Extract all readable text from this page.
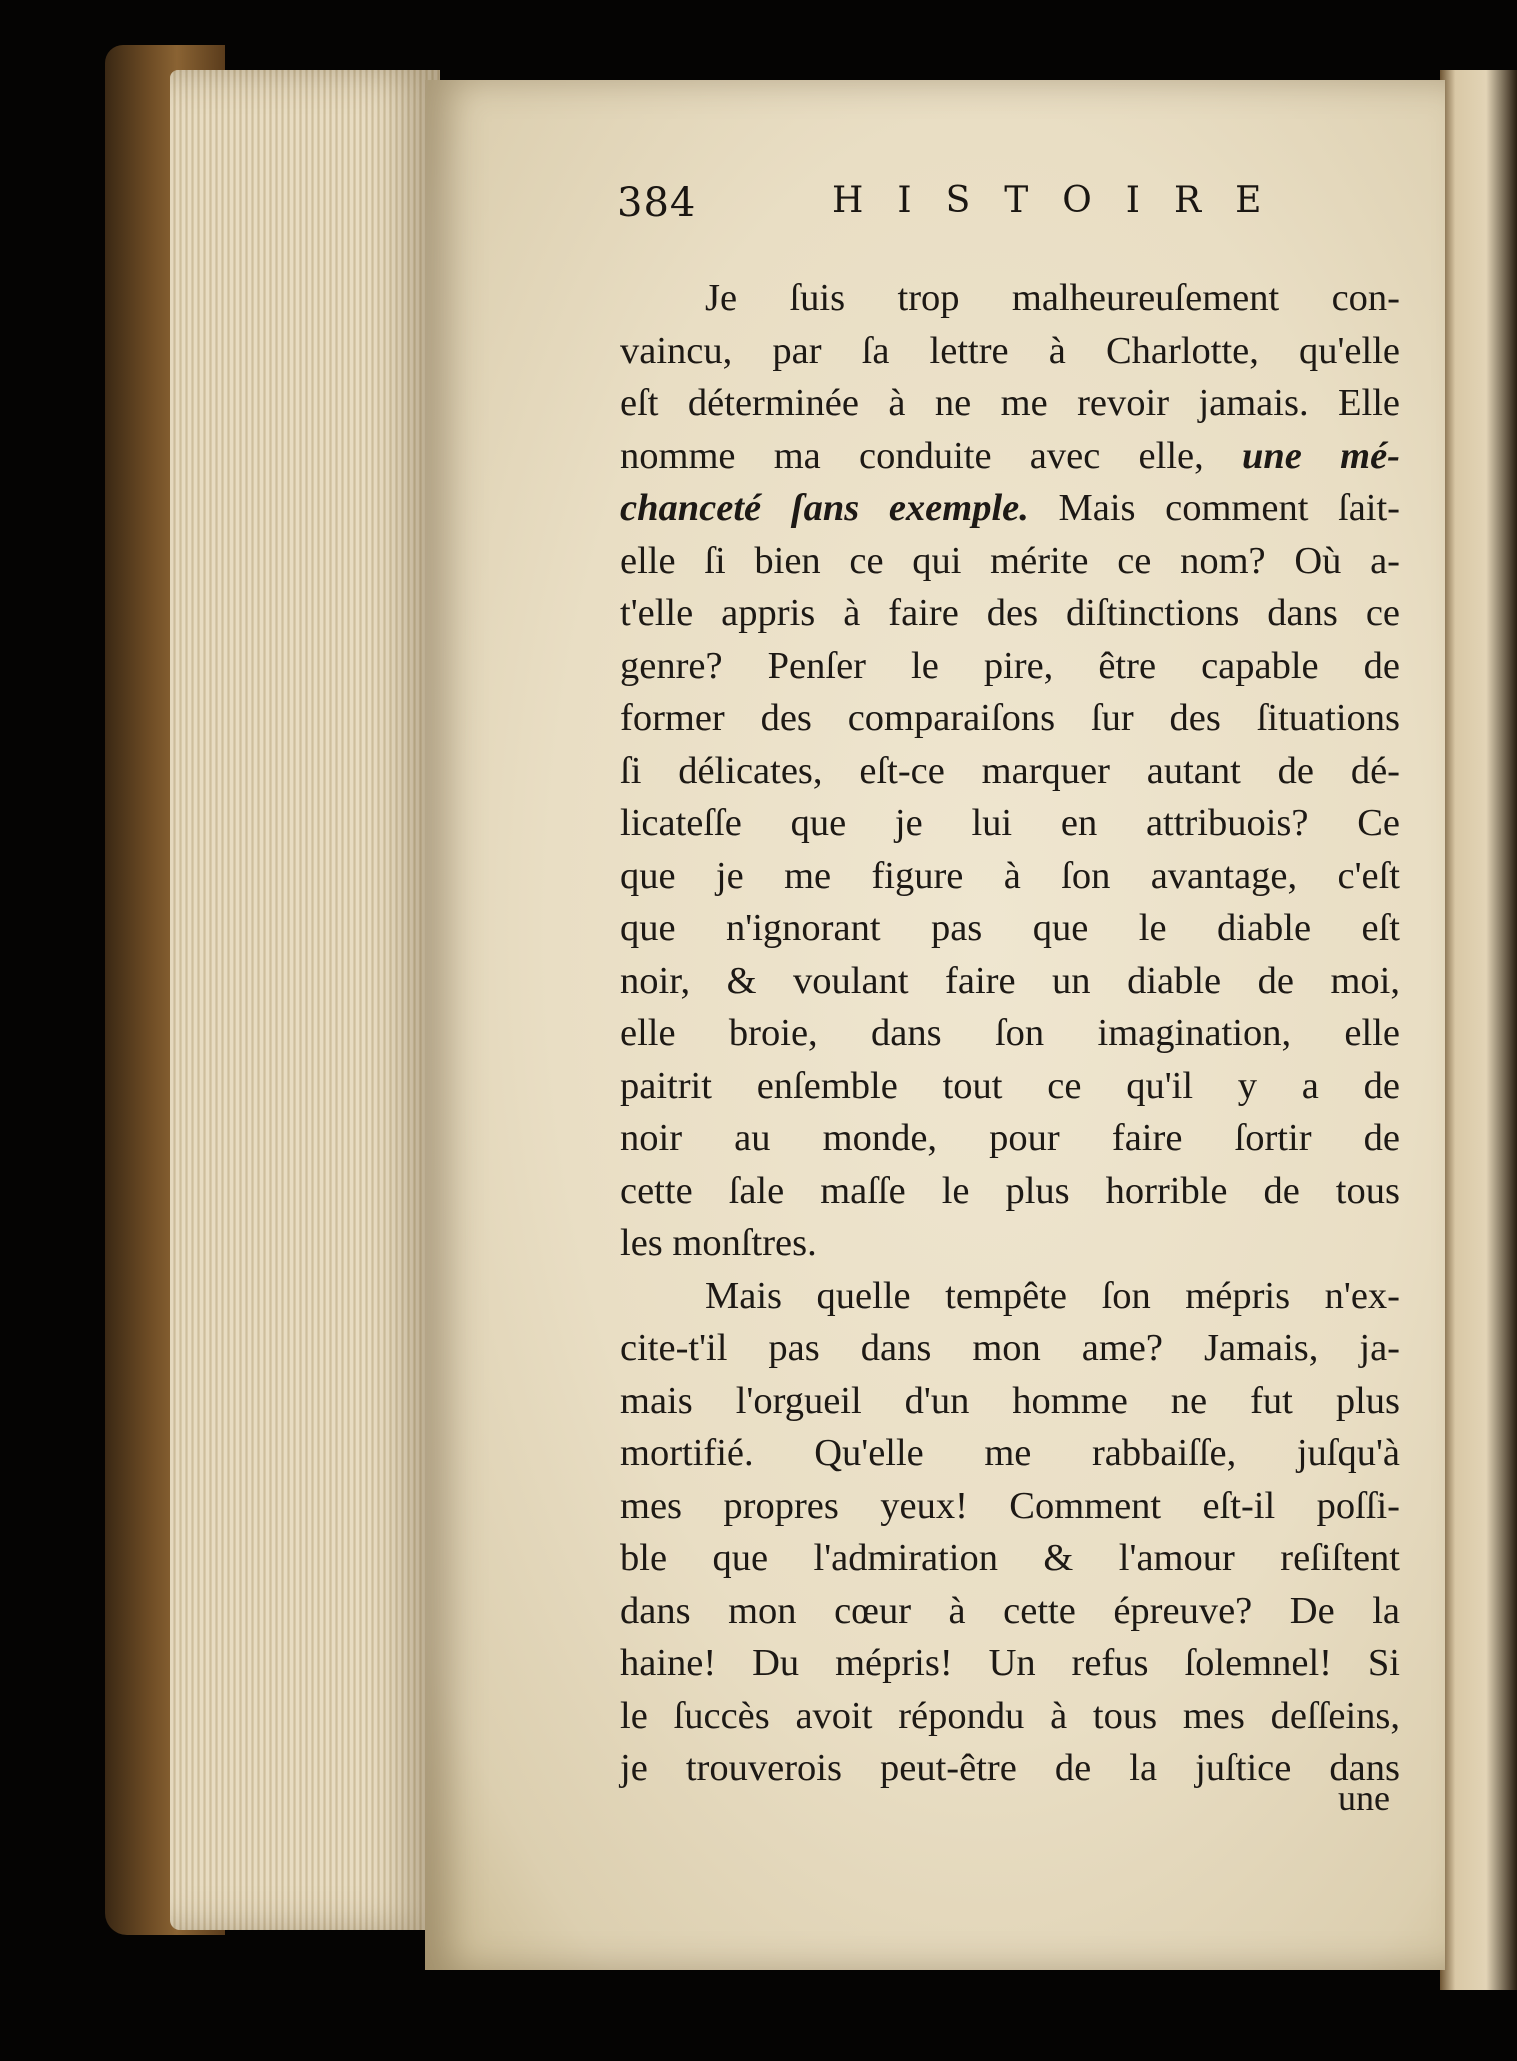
384	HISTOIRE
Je ſuis trop malheureuſement con-
vaincu, par ſa lettre à Charlotte, qu'elle
eſt déterminée à ne me revoir jamais. Elle
nomme ma conduite avec elle, une mé-
chanceté ſans exemple. Mais comment ſait-
elle ſi bien ce qui mérite ce nom? Où a-
t'elle appris à faire des diſtinctions dans ce
genre? Penſer le pire, être capable de
former des comparaiſons ſur des ſituations
ſi délicates, eſt-ce marquer autant de dé-
licateſſe que je lui en attribuois? Ce
que je me figure à ſon avantage, c'eſt
que n'ignorant pas que le diable eſt
noir, & voulant faire un diable de moi,
elle broie, dans ſon imagination, elle
paitrit enſemble tout ce qu'il y a de
noir au monde, pour faire ſortir de
cette ſale maſſe le plus horrible de tous
les monſtres.
Mais quelle tempête ſon mépris n'ex-
cite-t'il pas dans mon ame? Jamais, ja-
mais l'orgueil d'un homme ne fut plus
mortifié. Qu'elle me rabbaiſſe, juſqu'à
mes propres yeux! Comment eſt-il poſſi-
ble que l'admiration & l'amour reſiſtent
dans mon cœur à cette épreuve? De la
haine! Du mépris! Un refus ſolemnel! Si
le ſuccès avoit répondu à tous mes deſſeins,
je trouverois peut-être de la juſtice dans
une
